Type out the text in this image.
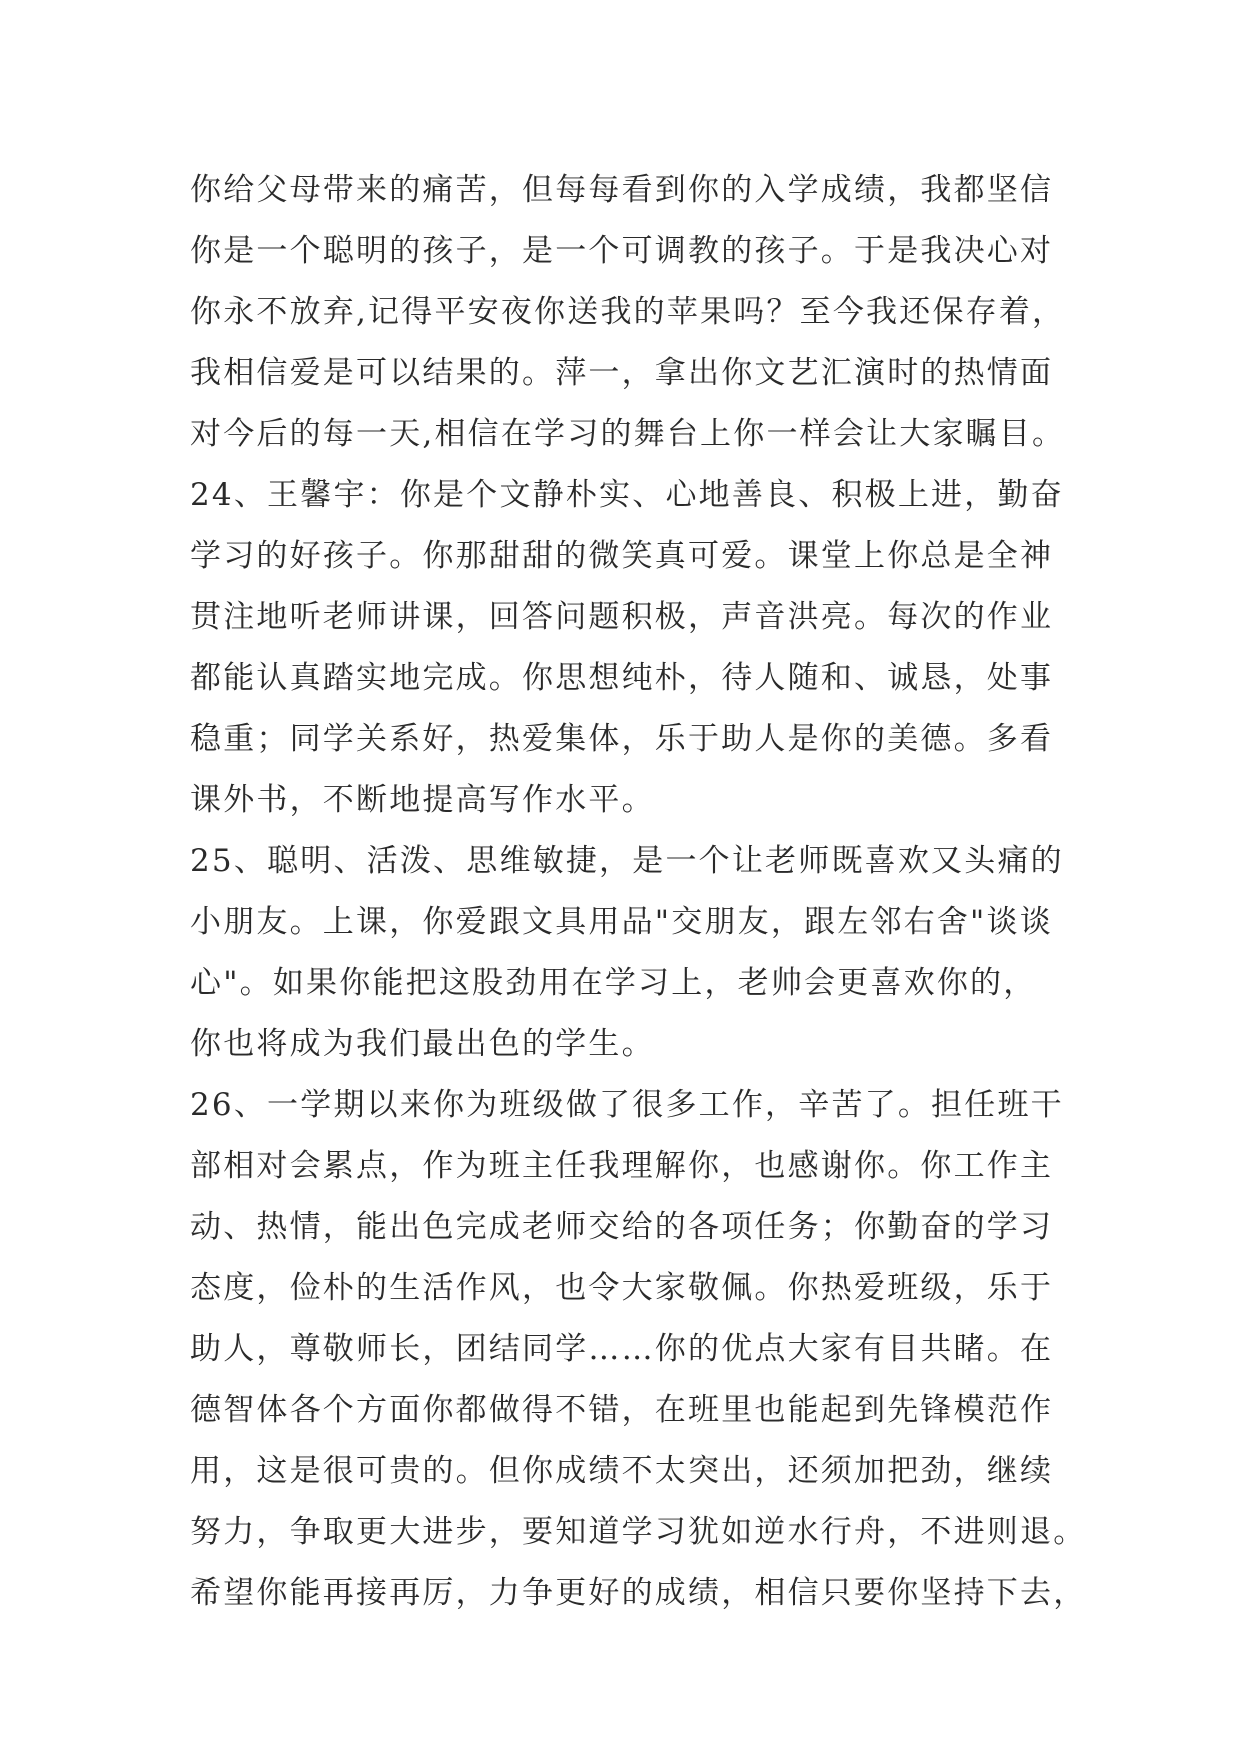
你给父母带来的痛苦，但每每看到你的入学成绩，我都坚信
你是一个聪明的孩子，是一个可调教的孩子。于是我决心对
你永不放弃,记得平安夜你送我的苹果吗？至今我还保存着，
我相信爱是可以结果的。萍一，拿出你文艺汇演时的热情面
对今后的每一天,相信在学习的舞台上你一样会让大家瞩目。
24、王馨宇：你是个文静朴实、心地善良、积极上进，勤奋
学习的好孩子。你那甜甜的微笑真可爱。课堂上你总是全神
贯注地听老师讲课，回答问题积极，声音洪亮。每次的作业
都能认真踏实地完成。你思想纯朴，待人随和、诚恳，处事
稳重；同学关系好，热爱集体，乐于助人是你的美德。多看
课外书，不断地提高写作水平。
25、聪明、活泼、思维敏捷，是一个让老师既喜欢又头痛的
小朋友。上课，你爱跟文具用品"交朋友，跟左邻右舍"谈谈
心"。如果你能把这股劲用在学习上，老帅会更喜欢你的，
你也将成为我们最出色的学生。
26、一学期以来你为班级做了很多工作，辛苦了。担任班干
部相对会累点，作为班主任我理解你，也感谢你。你工作主
动、热情，能出色完成老师交给的各项任务；你勤奋的学习
态度，俭朴的生活作风，也令大家敬佩。你热爱班级，乐于
助人，尊敬师长，团结同学……你的优点大家有目共睹。在
德智体各个方面你都做得不错，在班里也能起到先锋模范作
用，这是很可贵的。但你成绩不太突出，还须加把劲，继续
努力，争取更大进步，要知道学习犹如逆水行舟，不进则退。
希望你能再接再厉，力争更好的成绩，相信只要你坚持下去，
